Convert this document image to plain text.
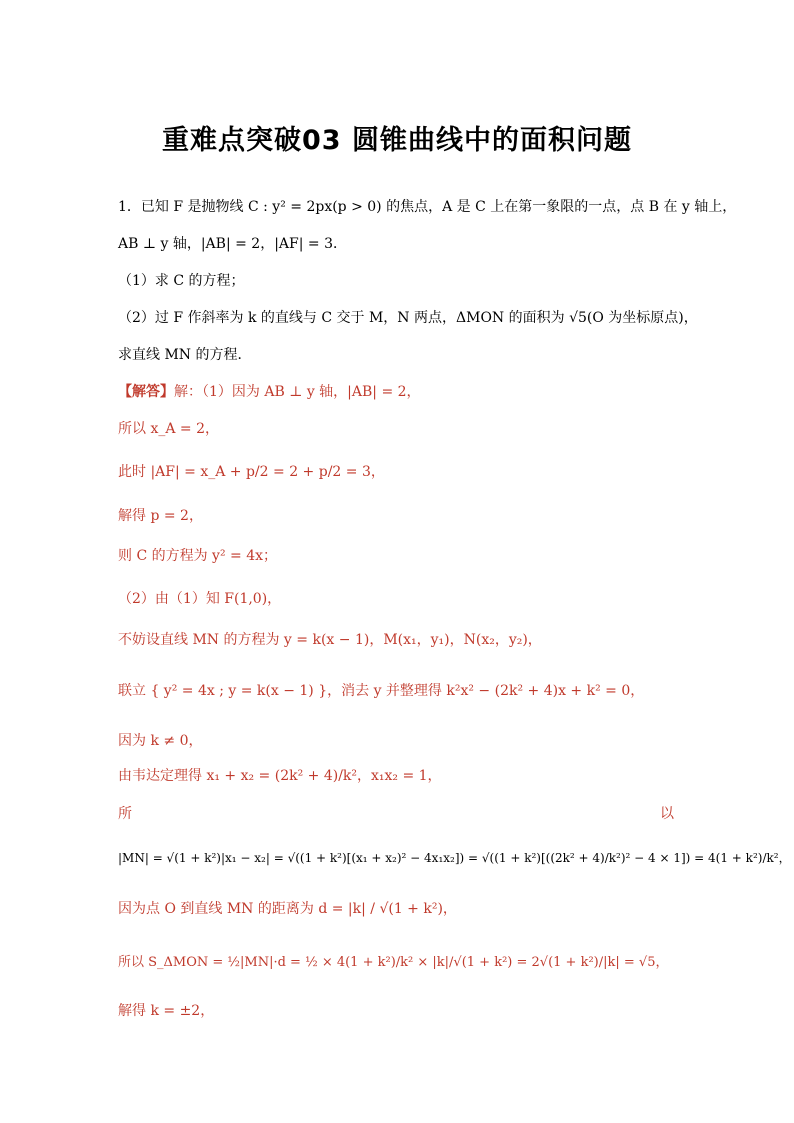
重难点突破03 圆锥曲线中的面积问题
1．已知 F 是抛物线 C : y² = 2px(p > 0) 的焦点，A 是 C 上在第一象限的一点，点 B 在 y 轴上，
AB ⊥ y 轴，|AB| = 2，|AF| = 3．
（1）求 C 的方程；
（2）过 F 作斜率为 k 的直线与 C 交于 M，N 两点，ΔMON 的面积为 √5(O 为坐标原点)，
求直线 MN 的方程．
【解答】解：（1）因为 AB ⊥ y 轴，|AB| = 2，
所以 x_A = 2，
此时 |AF| = x_A + p/2 = 2 + p/2 = 3，
解得 p = 2，
则 C 的方程为 y² = 4x；
（2）由（1）知 F(1,0)，
不妨设直线 MN 的方程为 y = k(x − 1)，M(x₁，y₁)，N(x₂，y₂)，
联立 { y² = 4x ; y = k(x − 1) }，消去 y 并整理得 k²x² − (2k² + 4)x + k² = 0，
因为 k ≠ 0，
由韦达定理得 x₁ + x₂ = (2k² + 4)/k²，x₁x₂ = 1，
所	以
|MN| = √(1 + k²)|x₁ − x₂| = √((1 + k²)[(x₁ + x₂)² − 4x₁x₂]) = √((1 + k²)[((2k² + 4)/k²)² − 4 × 1]) = 4(1 + k²)/k²，
因为点 O 到直线 MN 的距离为 d = |k| / √(1 + k²)，
所以 S_ΔMON = ½|MN|·d = ½ × 4(1 + k²)/k² × |k|/√(1 + k²) = 2√(1 + k²)/|k| = √5，
解得 k = ±2，
